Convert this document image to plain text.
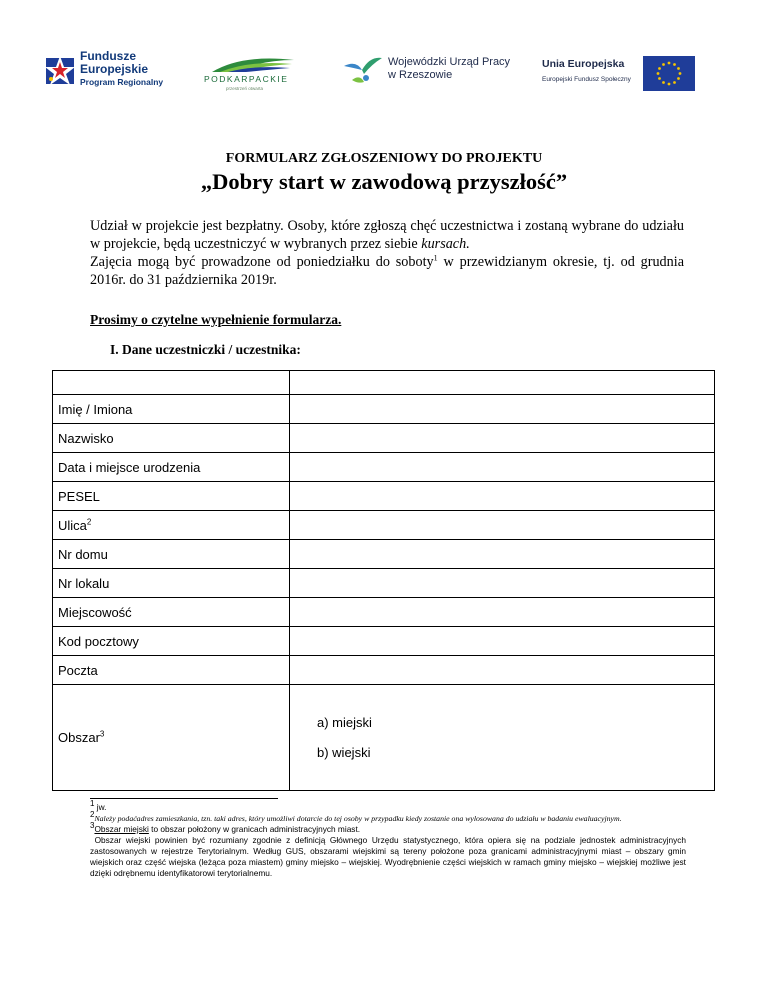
Fundusze
Europejskie
Program Regionalny	PODKARPACKIE
przestrzeń otwarta
Wojewódzki Urząd Pracy
w Rzeszowie
Unia Europejska
Europejski Fundusz Społeczny
FORMULARZ ZGŁOSZENIOWY DO PROJEKTU
„Dobry start w zawodową przyszłość”

Udział w projekcie jest bezpłatny. Osoby, które zgłoszą chęć uczestnictwa i zostaną wybrane do udziału w projekcie, będą uczestniczyć w wybranych przez siebie kursach.

Zajęcia mogą być prowadzone od poniedziałku do soboty$^1$ w przewidzianym okresie, tj. od grudnia 2016r. do 31 października 2019r.

Prosimy o czytelne wypełnienie formularza.
I. Dane uczestniczki / uczestnika:

Imię / Imiona	
Nazwisko	
Data i miejsce urodzenia	
PESEL	
Ulica$^2$	
Nr domu	
Nr lokalu	
Miejscowość	
Kod pocztowy	
Poczta	
Obszar$^3$	a) miejski
b) wiejski

$^1$ jw.

$^2$Należy podaćadres zamieszkania, tzn. taki adres, który umożliwi dotarcie do tej osoby w przypadku kiedy zostanie ona wylosowana do udziału w badaniu ewaluacyjnym.

$^3$Obszar miejski to obszar położony w granicach administracyjnych miast.

Obszar wiejski powinien być rozumiany zgodnie z definicją Głównego Urzędu statystycznego, która opiera się na podziale jednostek administracyjnych zastosowanych w rejestrze Terytorialnym. Według GUS, obszarami wiejskimi są tereny położone poza granicami administracyjnymi miast – obszary gmin wiejskich oraz część wiejska (leżąca poza miastem) gminy miejsko – wiejskiej. Wyodrębnienie części wiejskich w ramach gminy miejsko – wiejskiej możliwe jest dzięki odrębnemu identyfikatorowi terytorialnemu.
